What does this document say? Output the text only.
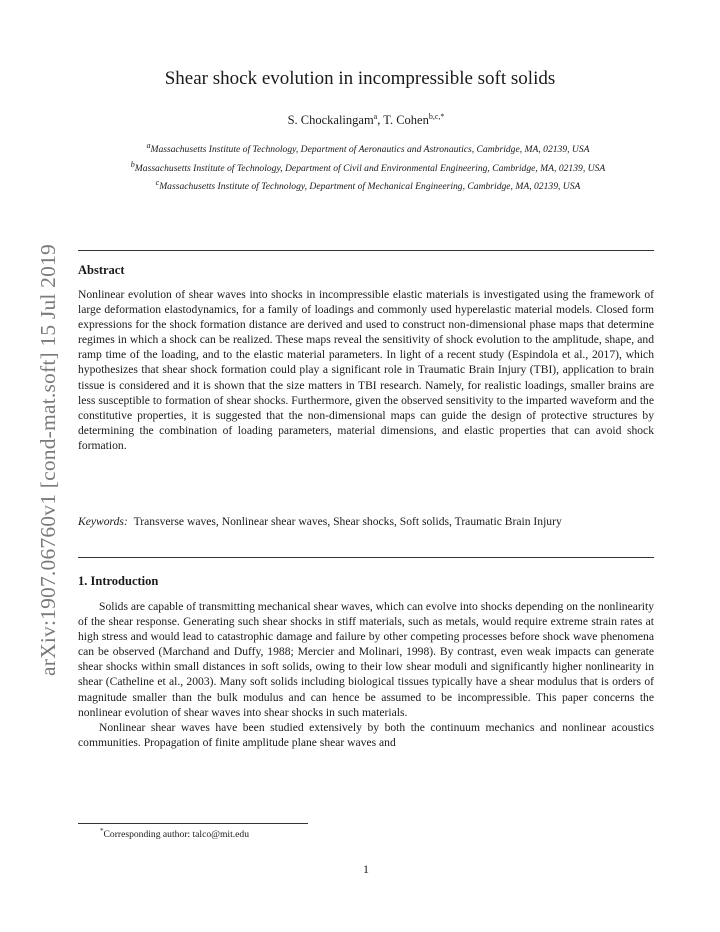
arXiv:1907.06760v1 [cond-mat.soft] 15 Jul 2019
Shear shock evolution in incompressible soft solids
S. Chockalingam$^a$, T. Cohen$^{b,c,*}$
$^a$Massachusetts Institute of Technology, Department of Aeronautics and Astronautics, Cambridge, MA, 02139, USA
$^b$Massachusetts Institute of Technology, Department of Civil and Environmental Engineering, Cambridge, MA, 02139, USA
$^c$Massachusetts Institute of Technology, Department of Mechanical Engineering, Cambridge, MA, 02139, USA
Abstract
Nonlinear evolution of shear waves into shocks in incompressible elastic materials is investigated using the framework of large deformation elastodynamics, for a family of loadings and commonly used hyperelastic material models. Closed form expressions for the shock formation distance are derived and used to construct non-dimensional phase maps that determine regimes in which a shock can be realized. These maps reveal the sensitivity of shock evolution to the amplitude, shape, and ramp time of the loading, and to the elastic material parameters. In light of a recent study (Espindola et al., 2017), which hypothesizes that shear shock formation could play a significant role in Traumatic Brain Injury (TBI), application to brain tissue is considered and it is shown that the size matters in TBI research. Namely, for realistic loadings, smaller brains are less susceptible to formation of shear shocks. Furthermore, given the observed sensitivity to the imparted waveform and the constitutive properties, it is suggested that the non-dimensional maps can guide the design of protective structures by determining the combination of loading parameters, material dimensions, and elastic properties that can avoid shock formation.
Keywords: Transverse waves, Nonlinear shear waves, Shear shocks, Soft solids, Traumatic Brain Injury
1. Introduction
Solids are capable of transmitting mechanical shear waves, which can evolve into shocks depending on the nonlinearity of the shear response. Generating such shear shocks in stiff materials, such as metals, would require extreme strain rates at high stress and would lead to catastrophic damage and failure by other competing processes before shock wave phenomena can be observed (Marchand and Duffy, 1988; Mercier and Molinari, 1998). By contrast, even weak impacts can generate shear shocks within small distances in soft solids, owing to their low shear moduli and significantly higher nonlinearity in shear (Catheline et al., 2003). Many soft solids including biological tissues typically have a shear modulus that is orders of magnitude smaller than the bulk modulus and can hence be assumed to be incompressible. This paper concerns the nonlinear evolution of shear waves into shear shocks in such materials.
Nonlinear shear waves have been studied extensively by both the continuum mechanics and nonlinear acoustics communities. Propagation of finite amplitude plane shear waves and
*Corresponding author: talco@mit.edu
1
